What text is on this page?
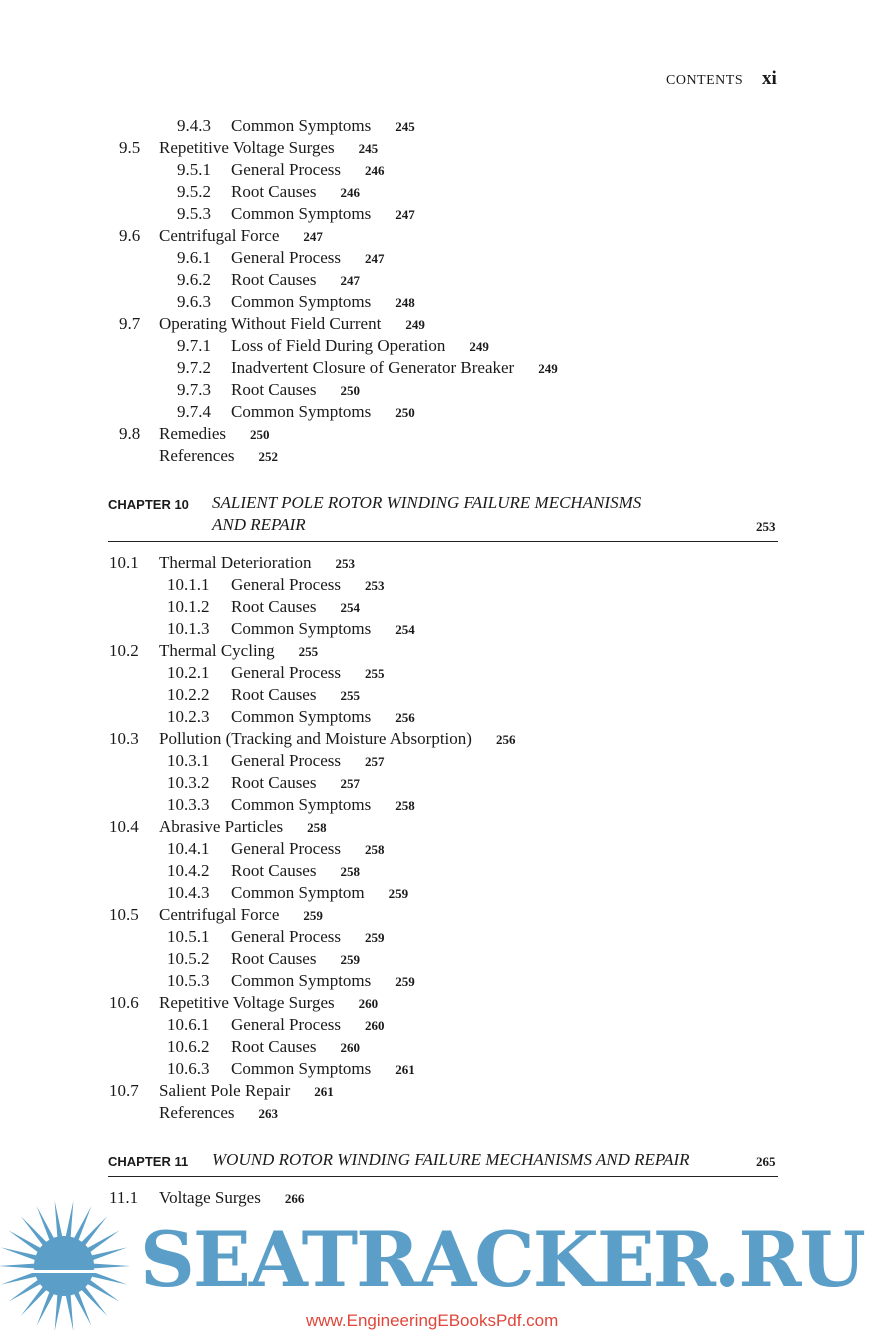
CONTENTS xi
9.4.3 Common Symptoms 245
9.5 Repetitive Voltage Surges 245
9.5.1 General Process 246
9.5.2 Root Causes 246
9.5.3 Common Symptoms 247
9.6 Centrifugal Force 247
9.6.1 General Process 247
9.6.2 Root Causes 247
9.6.3 Common Symptoms 248
9.7 Operating Without Field Current 249
9.7.1 Loss of Field During Operation 249
9.7.2 Inadvertent Closure of Generator Breaker 249
9.7.3 Root Causes 250
9.7.4 Common Symptoms 250
9.8 Remedies 250
References 252
CHAPTER 10 SALIENT POLE ROTOR WINDING FAILURE MECHANISMS
AND REPAIR	253
10.1 Thermal Deterioration 253
10.1.1 General Process 253
10.1.2 Root Causes 254
10.1.3 Common Symptoms 254
10.2 Thermal Cycling 255
10.2.1 General Process 255
10.2.2 Root Causes 255
10.2.3 Common Symptoms 256
10.3 Pollution (Tracking and Moisture Absorption) 256
10.3.1 General Process 257
10.3.2 Root Causes 257
10.3.3 Common Symptoms 258
10.4 Abrasive Particles 258
10.4.1 General Process 258
10.4.2 Root Causes 258
10.4.3 Common Symptom 259
10.5 Centrifugal Force 259
10.5.1 General Process 259
10.5.2 Root Causes 259
10.5.3 Common Symptoms 259
10.6 Repetitive Voltage Surges 260
10.6.1 General Process 260
10.6.2 Root Causes 260
10.6.3 Common Symptoms 261
10.7 Salient Pole Repair 261
References 263
CHAPTER 11 WOUND ROTOR WINDING FAILURE MECHANISMS AND REPAIR	265
11.1 Voltage Surges 266
SEATRACKER.RU
www.EngineeringEBooksPdf.com
